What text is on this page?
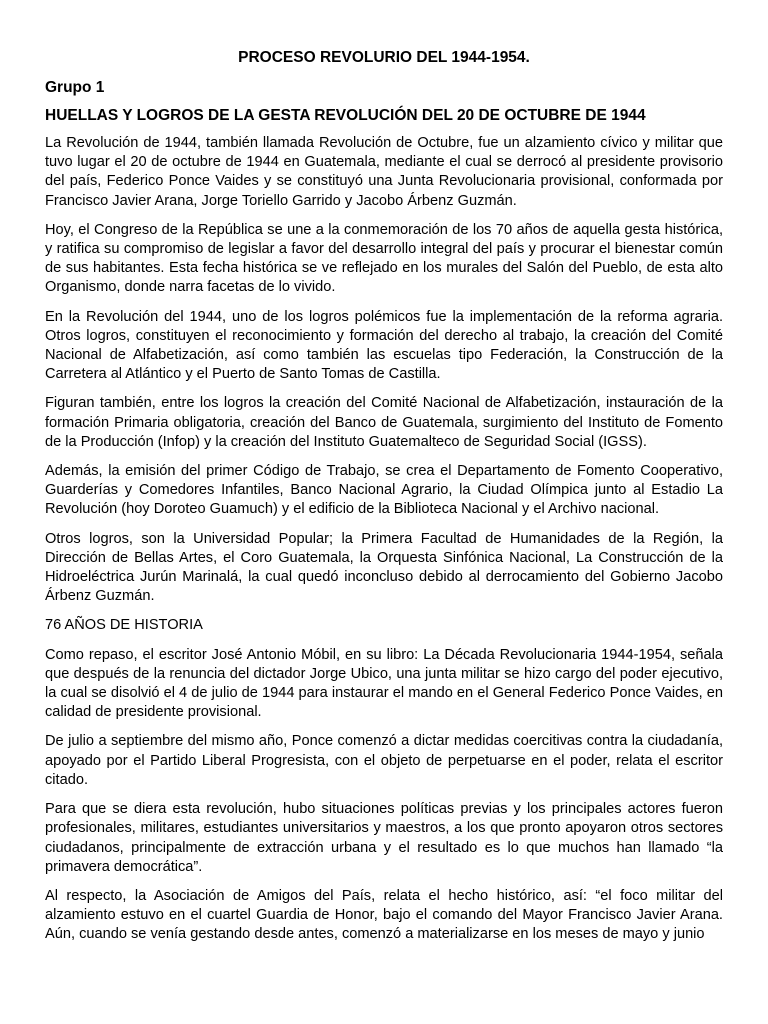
PROCESO REVOLURIO DEL 1944-1954.
Grupo 1
HUELLAS Y LOGROS DE LA GESTA REVOLUCIÓN DEL 20 DE OCTUBRE DE 1944

La Revolución de 1944, también llamada Revolución de Octubre, fue un alzamiento cívico y militar que tuvo lugar el 20 de octubre de 1944 en Guatemala, mediante el cual se derrocó al presidente provisorio del país, Federico Ponce Vaides y se constituyó una Junta Revolucionaria provisional, conformada por Francisco Javier Arana, Jorge Toriello Garrido y Jacobo Árbenz Guzmán.

Hoy, el Congreso de la República se une a la conmemoración de los 70 años de aquella gesta histórica, y ratifica su compromiso de legislar a favor del desarrollo integral del país y procurar el bienestar común de sus habitantes. Esta fecha histórica se ve reflejado en los murales del Salón del Pueblo, de esta alto Organismo, donde narra facetas de lo vivido.

En la Revolución del 1944, uno de los logros polémicos fue la implementación de la reforma agraria. Otros logros, constituyen el reconocimiento y formación del derecho al trabajo, la creación del Comité Nacional de Alfabetización, así como también las escuelas tipo Federación, la Construcción de la Carretera al Atlántico y el Puerto de Santo Tomas de Castilla.

Figuran también, entre los logros la creación del Comité Nacional de Alfabetización, instauración de la formación Primaria obligatoria, creación del Banco de Guatemala, surgimiento del Instituto de Fomento de la Producción (Infop) y la creación del Instituto Guatemalteco de Seguridad Social (IGSS).

Además, la emisión del primer Código de Trabajo, se crea el Departamento de Fomento Cooperativo, Guarderías y Comedores Infantiles, Banco Nacional Agrario, la Ciudad Olímpica junto al Estadio La Revolución (hoy Doroteo Guamuch) y el edificio de la Biblioteca Nacional y el Archivo nacional.

Otros logros, son la Universidad Popular; la Primera Facultad de Humanidades de la Región, la Dirección de Bellas Artes, el Coro Guatemala, la Orquesta Sinfónica Nacional, La Construcción de la Hidroeléctrica Jurún Marinalá, la cual quedó inconcluso debido al derrocamiento del Gobierno Jacobo Árbenz Guzmán.

76 AÑOS DE HISTORIA

Como repaso, el escritor José Antonio Móbil, en su libro: La Década Revolucionaria 1944-1954, señala que después de la renuncia del dictador Jorge Ubico, una junta militar se hizo cargo del poder ejecutivo, la cual se disolvió el 4 de julio de 1944 para instaurar el mando en el General Federico Ponce Vaides, en calidad de presidente provisional.

De julio a septiembre del mismo año, Ponce comenzó a dictar medidas coercitivas contra la ciudadanía, apoyado por el Partido Liberal Progresista, con el objeto de perpetuarse en el poder, relata el escritor citado.

Para que se diera esta revolución, hubo situaciones políticas previas y los principales actores fueron profesionales, militares, estudiantes universitarios y maestros, a los que pronto apoyaron otros sectores ciudadanos, principalmente de extracción urbana y el resultado es lo que muchos han llamado “la primavera democrática”.

Al respecto, la Asociación de Amigos del País, relata el hecho histórico, así: “el foco militar del alzamiento estuvo en el cuartel Guardia de Honor, bajo el comando del Mayor Francisco Javier Arana. Aún, cuando se venía gestando desde antes, comenzó a materializarse en los meses de mayo y junio
